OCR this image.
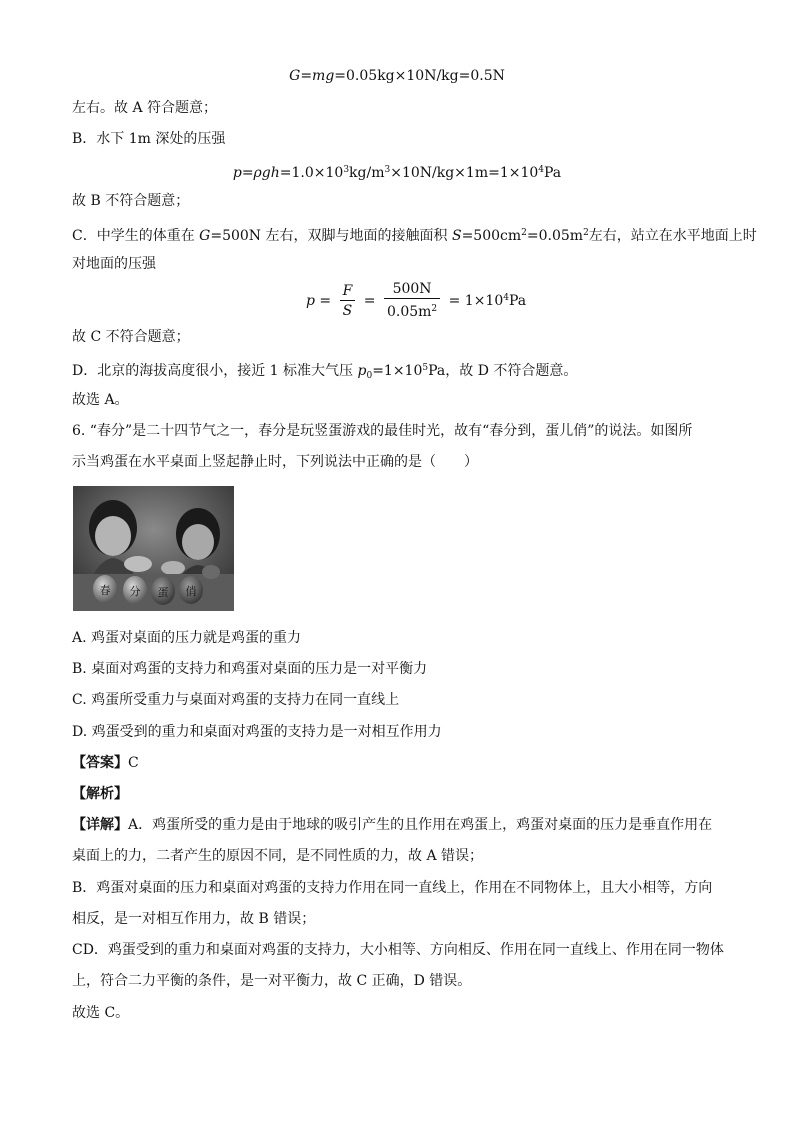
G=mg=0.05kg×10N/kg=0.5N
左右。故 A 符合题意；
B．水下 1m 深处的压强
$p=\rho gh=1.0\times 10^3kg/m^3\times 10N/kg\times 1m=1\times 10^4Pa$
故 B 不符合题意；
C．中学生的体重在 G=500N 左右，双脚与地面的接触面积 $S=500cm^2=0.05m^2$左右，站立在水平地面上时
对地面的压强
$p = \frac{F}{S} = \frac{500N}{0.05m^2} = 1\times 10^4Pa$
故 C 不符合题意；
D．北京的海拔高度很小，接近 1 标准大气压 $p_0=1\times 10^5Pa$，故 D 不符合题意。
故选 A。
6. “春分”是二十四节气之一，春分是玩竖蛋游戏的最佳时光，故有“春分到，蛋儿俏”的说法。如图所
示当鸡蛋在水平桌面上竖起静止时，下列说法中正确的是（　　）
春 分 蛋 俏
A. 鸡蛋对桌面的压力就是鸡蛋的重力
B. 桌面对鸡蛋的支持力和鸡蛋对桌面的压力是一对平衡力
C. 鸡蛋所受重力与桌面对鸡蛋的支持力在同一直线上
D. 鸡蛋受到的重力和桌面对鸡蛋的支持力是一对相互作用力
【答案】C
【解析】
【详解】A．鸡蛋所受的重力是由于地球的吸引产生的且作用在鸡蛋上，鸡蛋对桌面的压力是垂直作用在
桌面上的力，二者产生的原因不同，是不同性质的力，故 A 错误；
B．鸡蛋对桌面的压力和桌面对鸡蛋的支持力作用在同一直线上，作用在不同物体上，且大小相等，方向
相反，是一对相互作用力，故 B 错误；
CD．鸡蛋受到的重力和桌面对鸡蛋的支持力，大小相等、方向相反、作用在同一直线上、作用在同一物体
上，符合二力平衡的条件，是一对平衡力，故 C 正确，D 错误。
故选 C。
